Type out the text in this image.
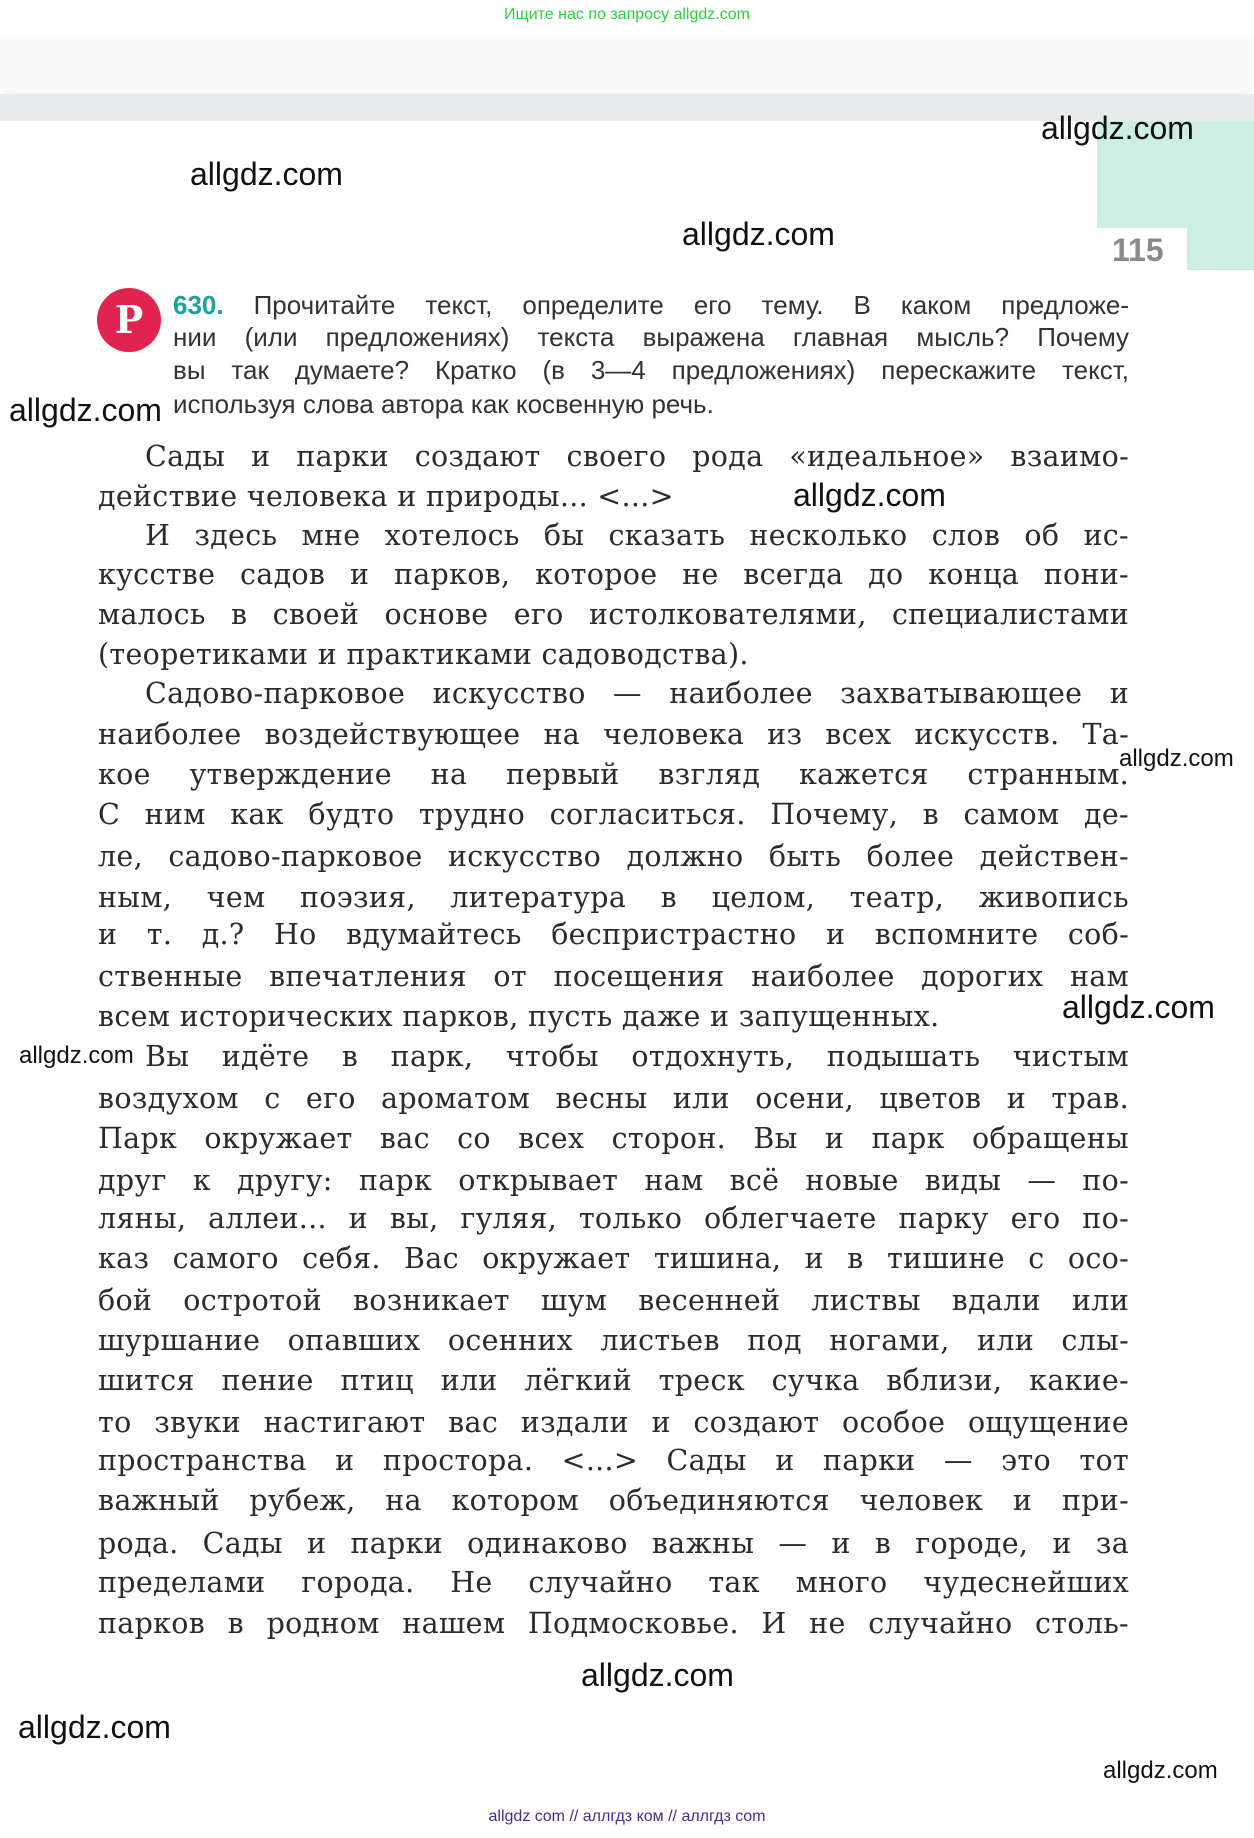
Ищите нас по запросу allgdz.com
115
P	630. Прочитайте текст, определите его тему. В каком предложе-
нии (или предложениях) текста выражена главная мысль? Почему
вы так думаете? Кратко (в 3—4 предложениях) перескажите текст,
используя слова автора как косвенную речь.
Сады и парки создают своего рода «идеальное» взаимо-
действие человека и природы... <...>
И здесь мне хотелось бы сказать несколько слов об ис-
кусстве садов и парков, которое не всегда до конца пони-
малось в своей основе его истолкователями, специалистами
(теоретиками и практиками садоводства).
Садово-парковое искусство — наиболее захватывающее и
наиболее воздействующее на человека из всех искусств. Та-
кое утверждение на первый взгляд кажется странным.
С ним как будто трудно согласиться. Почему, в самом де-
ле, садово-парковое искусство должно быть более действен-
ным, чем поэзия, литература в целом, театр, живопись
и т. д.? Но вдумайтесь беспристрастно и вспомните соб-
ственные впечатления от посещения наиболее дорогих нам
всем исторических парков, пусть даже и запущенных.
Вы идёте в парк, чтобы отдохнуть, подышать чистым
воздухом с его ароматом весны или осени, цветов и трав.
Парк окружает вас со всех сторон. Вы и парк обращены
друг к другу: парк открывает нам всё новые виды — по-
ляны, аллеи... и вы, гуляя, только облегчаете парку его по-
каз самого себя. Вас окружает тишина, и в тишине с осо-
бой остротой возникает шум весенней листвы вдали или
шуршание опавших осенних листьев под ногами, или слы-
шится пение птиц или лёгкий треск сучка вблизи, какие-
то звуки настигают вас издали и создают особое ощущение
пространства и простора. <...> Сады и парки — это тот
важный рубеж, на котором объединяются человек и при-
рода. Сады и парки одинаково важны — и в городе, и за
пределами города. Не случайно так много чудеснейших
парков в родном нашем Подмосковье. И не случайно столь-
allgdz.com
allgdz.com
allgdz.com
allgdz.com
allgdz.com
allgdz.com
allgdz.com
allgdz.com
allgdz.com
allgdz.com
allgdz.com
allgdz com // аллгдз ком // аллгдз com
